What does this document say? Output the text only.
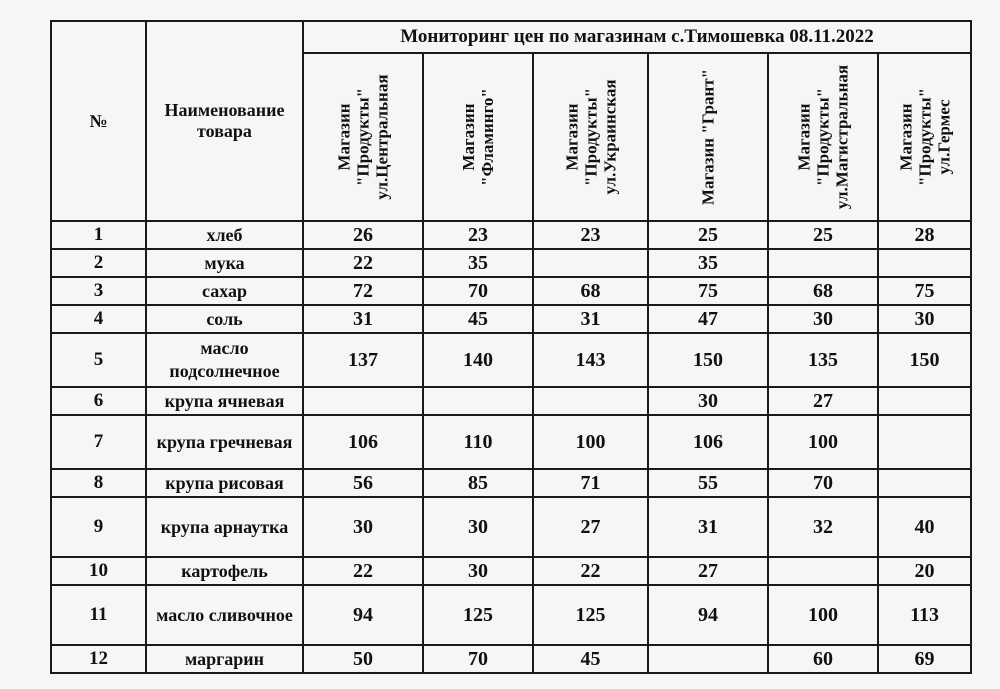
№	Наименование товара	Мониторинг цен по магазинам с.Тимошевка 08.11.2022					

		Магазин
"Продукты"
ул.Центральная	Магазин
"Фламинго"	Магазин
"Продукты"
ул.Украинская	Магазин "Грант"	Магазин
"Продукты"
ул.Магистральная	Магазин
"Продукты"
ул.Гермес

1	хлеб	26	23	23	25	25	28
2	мука	22	35		35		
3	сахар	72	70	68	75	68	75
4	соль	31	45	31	47	30	30
5	масло подсолнечное	137	140	143	150	135	150
6	крупа ячневая				30	27	
7	крупа гречневая	106	110	100	106	100	
8	крупа рисовая	56	85	71	55	70	
9	крупа арнаутка	30	30	27	31	32	40
10	картофель	22	30	22	27		20
11	масло сливочное	94	125	125	94	100	113
12	маргарин	50	70	45		60	69
